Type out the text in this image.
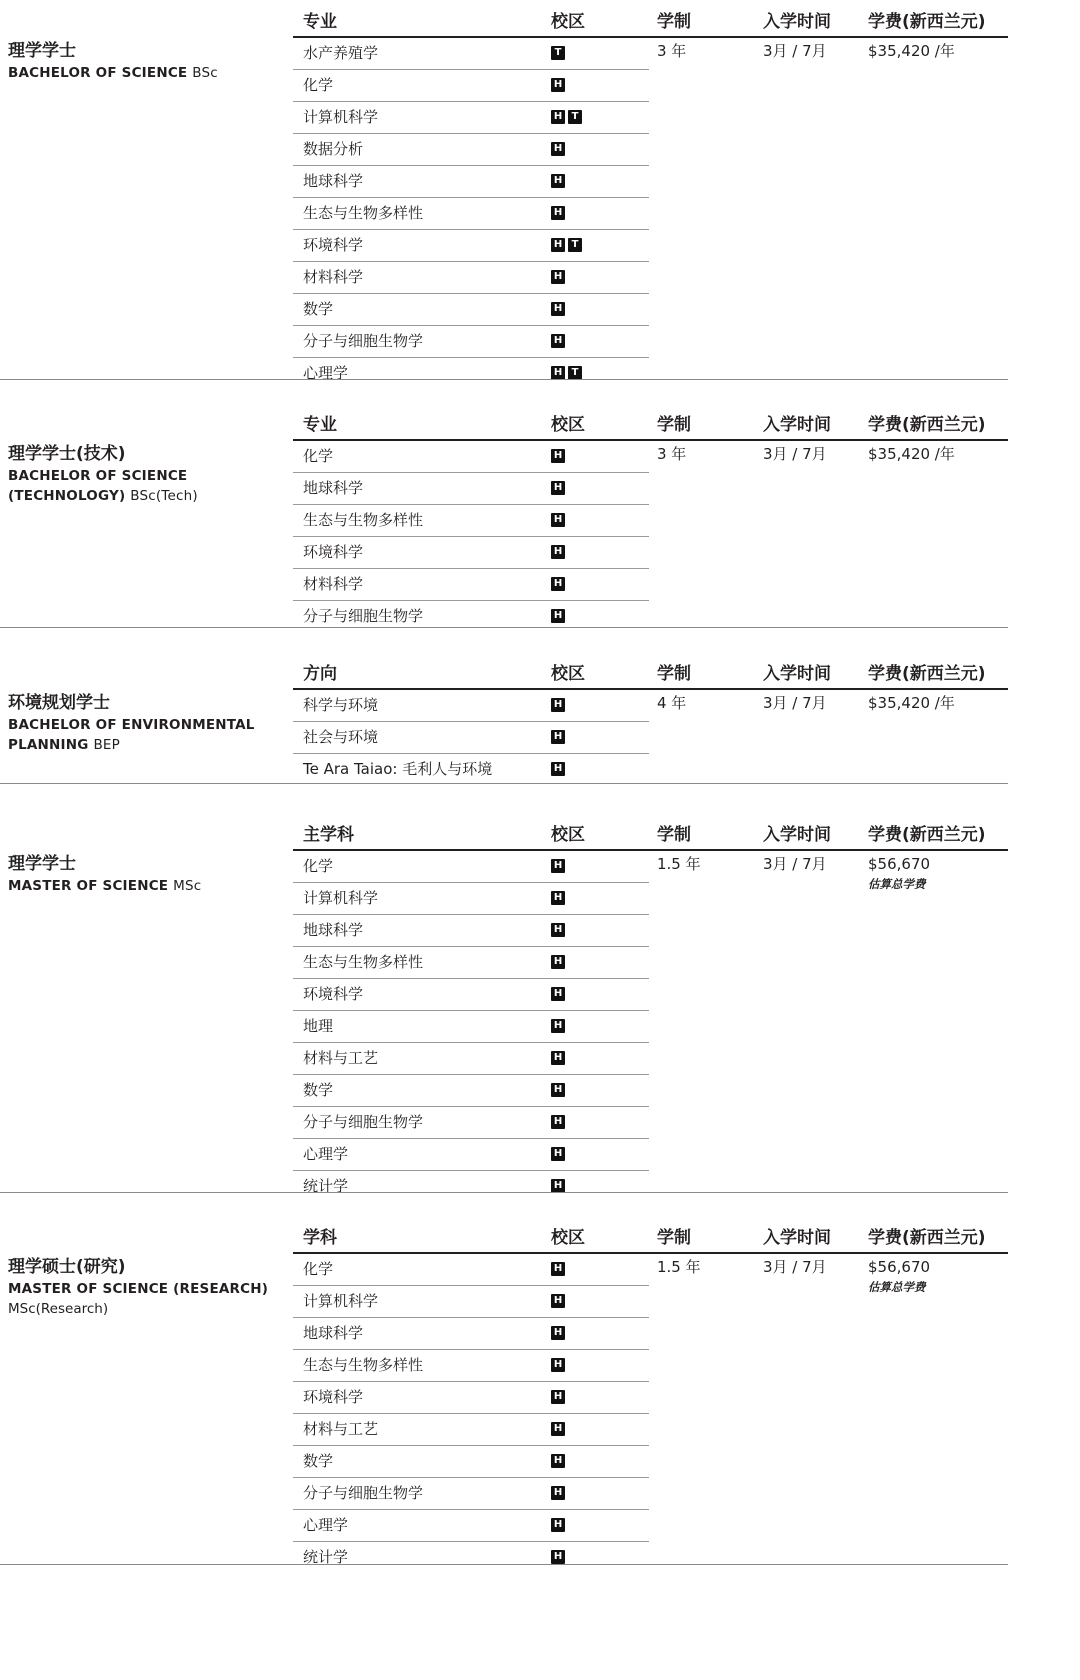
专业	校区	学制	入学时间 学费(新西兰元)
理学学士
BACHELOR OF SCIENCE BSc
水产养殖学	T
化学	H
计算机科学	H T
数据分析	H
地球科学	H
生态与生物多样性	H
环境科学	H T
材料科学	H
数学	H
分子与细胞生物学	H
心理学	H T
3 年	3月 / 7月	$35,420 /年
专业	校区	学制	入学时间 学费(新西兰元)
理学学士(技术)
BACHELOR OF SCIENCE (TECHNOLOGY) BSc(Tech)
化学	H
地球科学	H
生态与生物多样性	H
环境科学	H
材料科学	H
分子与细胞生物学	H
3 年	3月 / 7月	$35,420 /年
方向	校区	学制	入学时间 学费(新西兰元)
环境规划学士
BACHELOR OF ENVIRONMENTAL PLANNING BEP
科学与环境	H
社会与环境	H
Te Ara Taiao: 毛利人与环境	H
4 年	3月 / 7月	$35,420 /年
主学科	校区	学制	入学时间 学费(新西兰元)
理学学士
MASTER OF SCIENCE MSc
化学	H
计算机科学	H
地球科学	H
生态与生物多样性	H
环境科学	H
地理	H
材料与工艺	H
数学	H
分子与细胞生物学	H
心理学	H
统计学	H
1.5 年	3月 / 7月	$56,670
估算总学费
学科	校区	学制	入学时间 学费(新西兰元)
理学硕士(研究)
MASTER OF SCIENCE (RESEARCH)
MSc(Research)
化学	H
计算机科学	H
地球科学	H
生态与生物多样性	H
环境科学	H
材料与工艺	H
数学	H
分子与细胞生物学	H
心理学	H
统计学	H
1.5 年	3月 / 7月	$56,670
估算总学费
